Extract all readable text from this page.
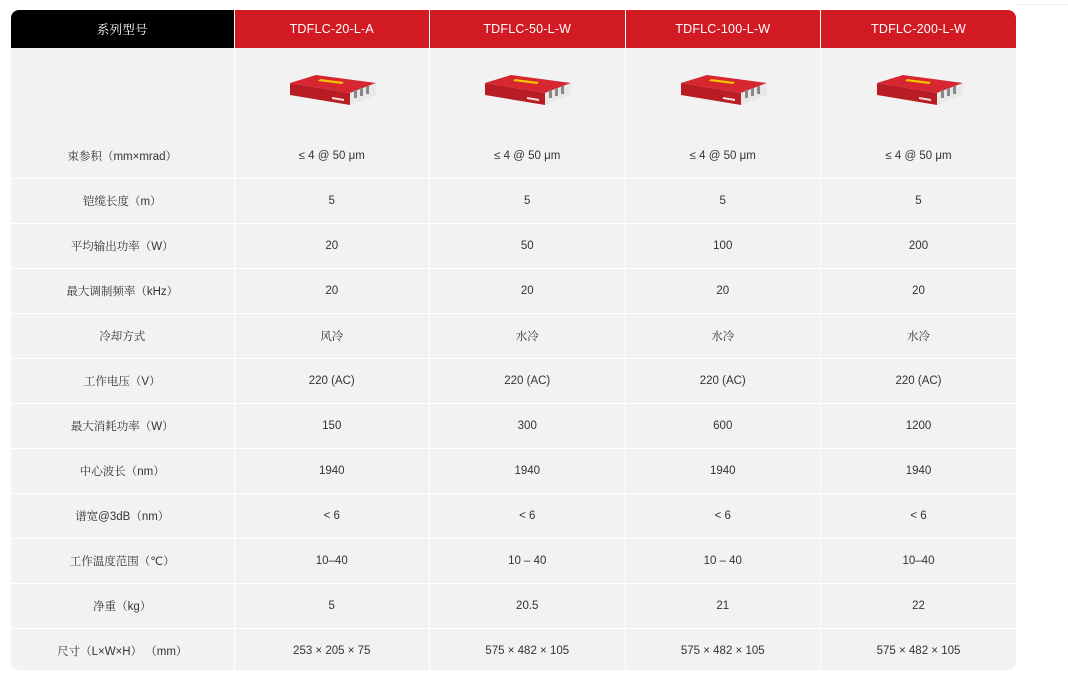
系列型号	TDFLC-20-L-A	TDFLC-50-L-W	TDFLC-100-L-W	TDFLC-200-L-W

束参积（mm×mrad）	≤ 4 @ 50 μm	≤ 4 @ 50 μm	≤ 4 @ 50 μm	≤ 4 @ 50 μm
铠缆长度（m）	5	5	5	5
平均输出功率（W）	20	50	100	200
最大调制频率（kHz）	20	20	20	20
冷却方式	风冷	水冷	水冷	水冷
工作电压（V）	220 (AC)	220 (AC)	220 (AC)	220 (AC)
最大消耗功率（W）	150	300	600	1200
中心波长（nm）	1940	1940	1940	1940
谱宽@3dB（nm）	< 6	< 6	< 6	< 6
工作温度范围（℃）	10–40	10 – 40	10 – 40	10–40
净重（kg）	5	20.5	21	22
尺寸（L×W×H） （mm）	253 × 205 × 75	575 × 482 × 105	575 × 482 × 105	575 × 482 × 105
